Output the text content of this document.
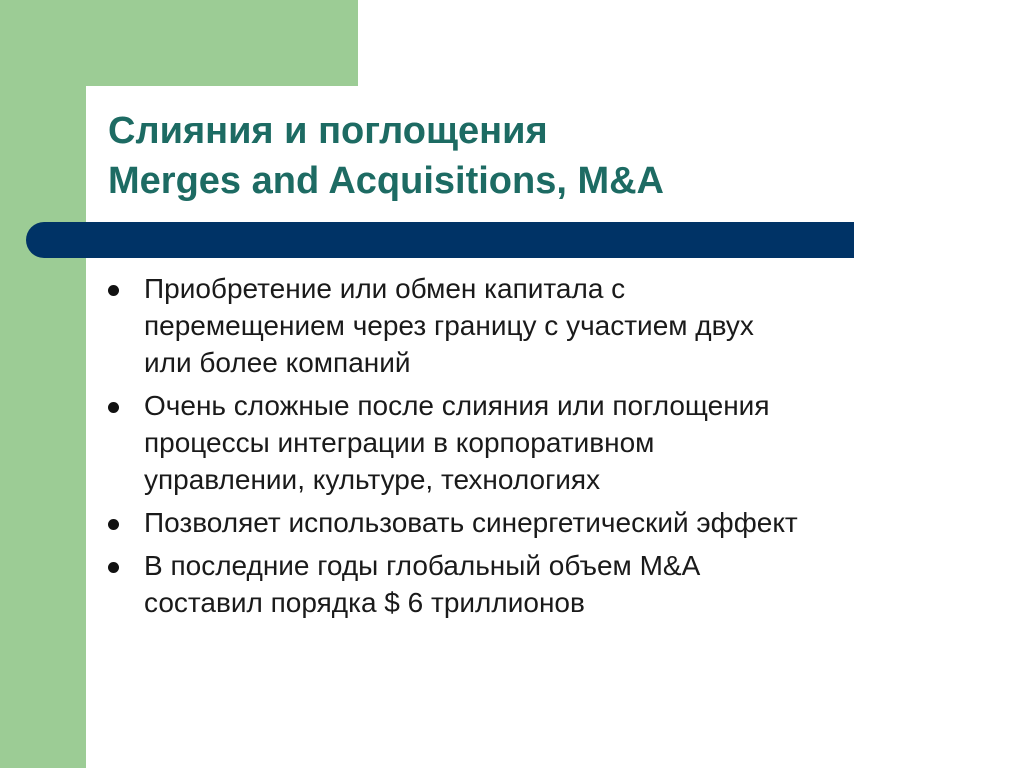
Слияния и поглощения
Merges and Acquisitions, M&A
Приобретение или обмен капитала с
перемещением через границу с участием двух
или более компаний
Очень сложные после слияния или поглощения
процессы интеграции в корпоративном
управлении, культуре, технологиях
Позволяет использовать синергетический эффект
В последние годы глобальный объем M&A
составил порядка $ 6 триллионов
